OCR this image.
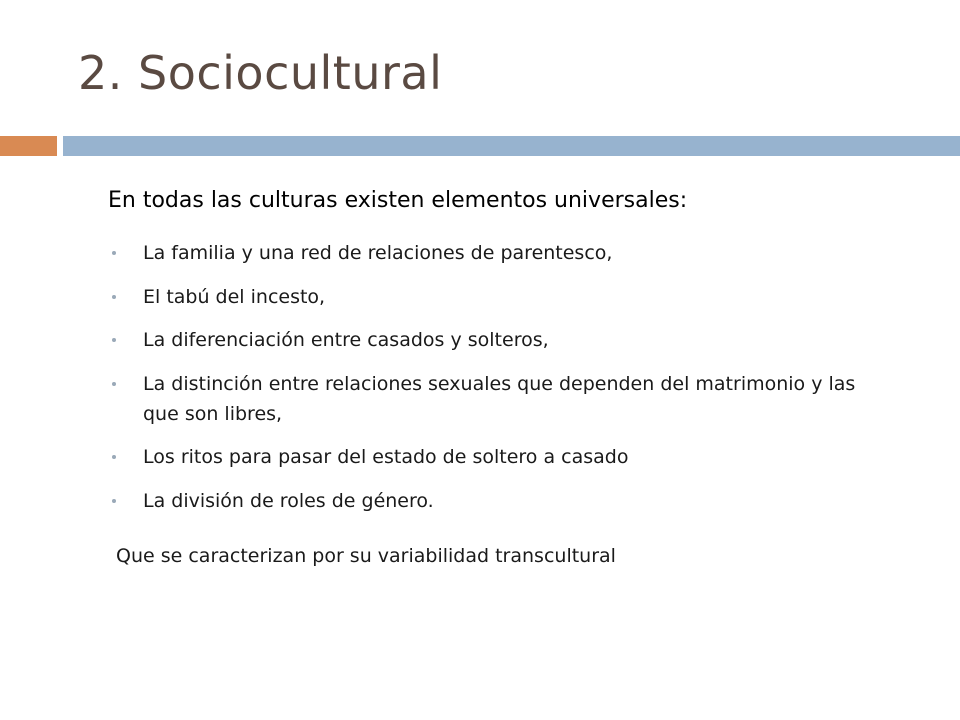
2. Sociocultural
En todas las culturas existen elementos universales:
La familia y una red de relaciones de parentesco,
El tabú del incesto,
La diferenciación entre casados y solteros,
La distinción entre relaciones sexuales que dependen del matrimonio y las que son libres,
Los ritos para pasar del estado de soltero a casado
La división de roles de género.
Que se caracterizan por su variabilidad transcultural
